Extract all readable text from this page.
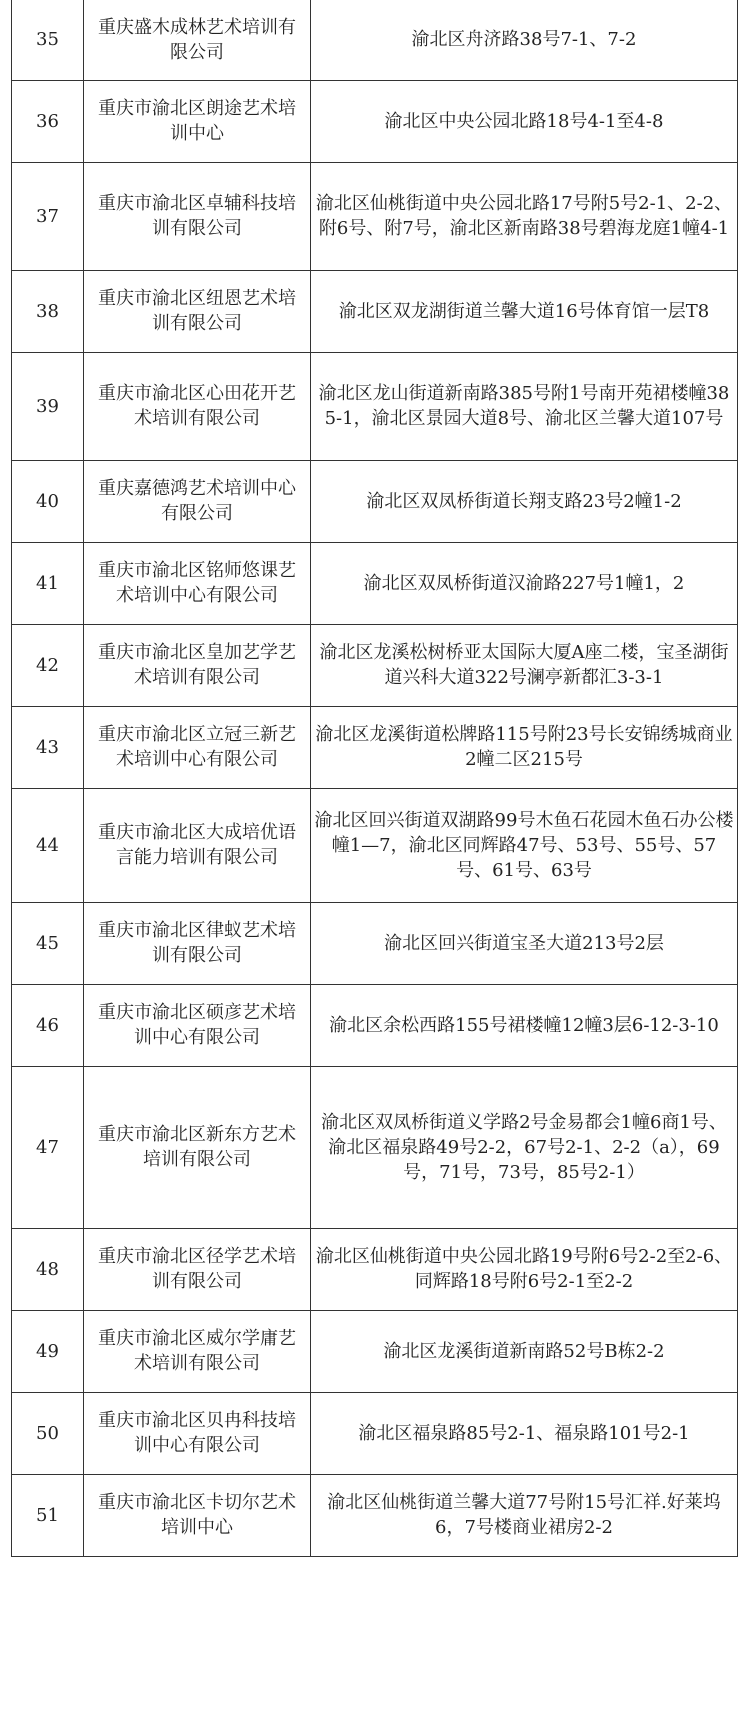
35	重庆盛木成林艺术培训有限公司	渝北区舟济路38号7-1、7-2
36	重庆市渝北区朗途艺术培训中心	渝北区中央公园北路18号4-1至4-8
37	重庆市渝北区卓辅科技培训有限公司	渝北区仙桃街道中央公园北路17号附5号2-1、2-2、附6号、附7号，渝北区新南路38号碧海龙庭1幢4-1
38	重庆市渝北区纽恩艺术培训有限公司	渝北区双龙湖街道兰馨大道16号体育馆一层T8
39	重庆市渝北区心田花开艺术培训有限公司	渝北区龙山街道新南路385号附1号南开苑裙楼幢385-1，渝北区景园大道8号、渝北区兰馨大道107号
40	重庆嘉德鸿艺术培训中心有限公司	渝北区双凤桥街道长翔支路23号2幢1-2
41	重庆市渝北区铭师悠课艺术培训中心有限公司	渝北区双凤桥街道汉渝路227号1幢1，2
42	重庆市渝北区皇加艺学艺术培训有限公司	渝北区龙溪松树桥亚太国际大厦A座二楼，宝圣湖街道兴科大道322号澜亭新都汇3-3-1
43	重庆市渝北区立冠三新艺术培训中心有限公司	渝北区龙溪街道松牌路115号附23号长安锦绣城商业2幢二区215号
44	重庆市渝北区大成培优语言能力培训有限公司	渝北区回兴街道双湖路99号木鱼石花园木鱼石办公楼幢1—7，渝北区同辉路47号、53号、55号、57号、61号、63号
45	重庆市渝北区律蚁艺术培训有限公司	渝北区回兴街道宝圣大道213号2层
46	重庆市渝北区硕彦艺术培训中心有限公司	渝北区余松西路155号裙楼幢12幢3层6-12-3-10
47	重庆市渝北区新东方艺术培训有限公司	渝北区双凤桥街道义学路2号金易都会1幢6商1号、渝北区福泉路49号2-2，67号2-1、2-2（a），69号，71号，73号，85号2-1）
48	重庆市渝北区径学艺术培训有限公司	渝北区仙桃街道中央公园北路19号附6号2-2至2-6、同辉路18号附6号2-1至2-2
49	重庆市渝北区威尔学庸艺术培训有限公司	渝北区龙溪街道新南路52号B栋2-2
50	重庆市渝北区贝冉科技培训中心有限公司	渝北区福泉路85号2-1、福泉路101号2-1
51	重庆市渝北区卡切尔艺术培训中心	渝北区仙桃街道兰馨大道77号附15号汇祥.好莱坞6，7号楼商业裙房2-2
